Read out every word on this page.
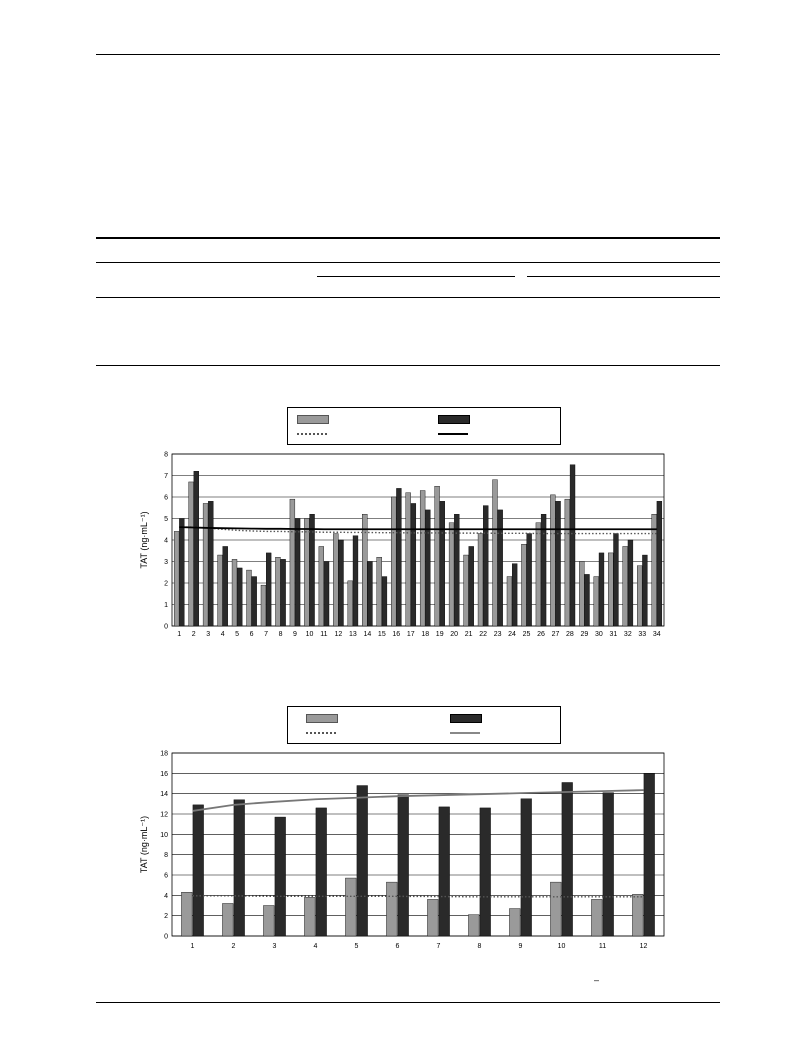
0
1
2
3
4
5
6
7
8
TAT (ng·mL⁻¹)
1 2 3 4 5 6 7 8 9 10 11 12 13 14 15 16 17 18 19 20 21 22 23 24 25 26 27 28 29 30 31 32 33 34
0
2
4
6
8
10
12
14
16
18
TAT (ng·mL⁻¹)
1	2	3	4	5	6	7	8	9	10	11	12
–
